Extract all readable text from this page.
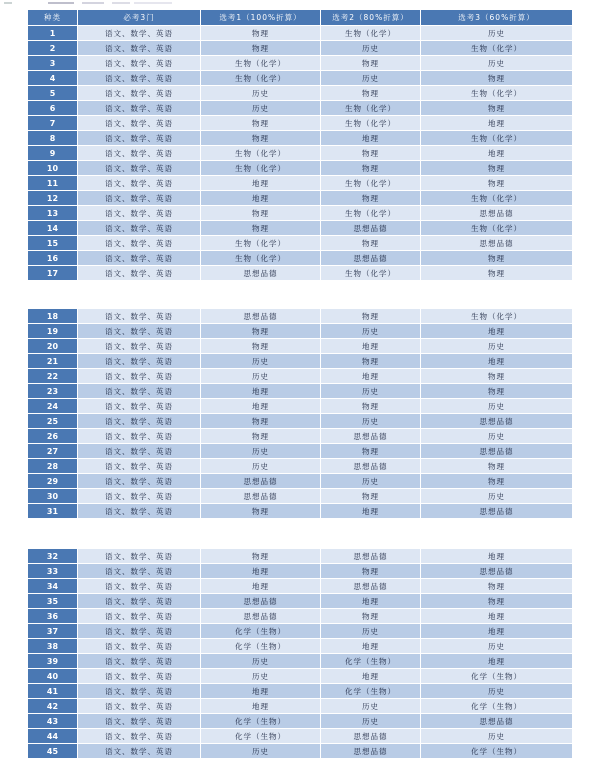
种类	必考3门	选考1（100%折算）	选考2（80%折算）	选考3（60%折算）
1	语文、数学、英语	物理	生物（化学）	历史
2	语文、数学、英语	物理	历史	生物（化学）
3	语文、数学、英语	生物（化学）	物理	历史
4	语文、数学、英语	生物（化学）	历史	物理
5	语文、数学、英语	历史	物理	生物（化学）
6	语文、数学、英语	历史	生物（化学）	物理
7	语文、数学、英语	物理	生物（化学）	地理
8	语文、数学、英语	物理	地理	生物（化学）
9	语文、数学、英语	生物（化学）	物理	地理
10	语文、数学、英语	生物（化学）	物理	物理
11	语文、数学、英语	地理	生物（化学）	物理
12	语文、数学、英语	地理	物理	生物（化学）
13	语文、数学、英语	物理	生物（化学）	思想品德
14	语文、数学、英语	物理	思想品德	生物（化学）
15	语文、数学、英语	生物（化学）	物理	思想品德
16	语文、数学、英语	生物（化学）	思想品德	物理
17	语文、数学、英语	思想品德	生物（化学）	物理
18	语文、数学、英语	思想品德	物理	生物（化学）
19	语文、数学、英语	物理	历史	地理
20	语文、数学、英语	物理	地理	历史
21	语文、数学、英语	历史	物理	地理
22	语文、数学、英语	历史	地理	物理
23	语文、数学、英语	地理	历史	物理
24	语文、数学、英语	地理	物理	历史
25	语文、数学、英语	物理	历史	思想品德
26	语文、数学、英语	物理	思想品德	历史
27	语文、数学、英语	历史	物理	思想品德
28	语文、数学、英语	历史	思想品德	物理
29	语文、数学、英语	思想品德	历史	物理
30	语文、数学、英语	思想品德	物理	历史
31	语文、数学、英语	物理	地理	思想品德
32	语文、数学、英语	物理	思想品德	地理
33	语文、数学、英语	地理	物理	思想品德
34	语文、数学、英语	地理	思想品德	物理
35	语文、数学、英语	思想品德	地理	物理
36	语文、数学、英语	思想品德	物理	地理
37	语文、数学、英语	化学（生物）	历史	地理
38	语文、数学、英语	化学（生物）	地理	历史
39	语文、数学、英语	历史	化学（生物）	地理
40	语文、数学、英语	历史	地理	化学（生物）
41	语文、数学、英语	地理	化学（生物）	历史
42	语文、数学、英语	地理	历史	化学（生物）
43	语文、数学、英语	化学（生物）	历史	思想品德
44	语文、数学、英语	化学（生物）	思想品德	历史
45	语文、数学、英语	历史	思想品德	化学（生物）
